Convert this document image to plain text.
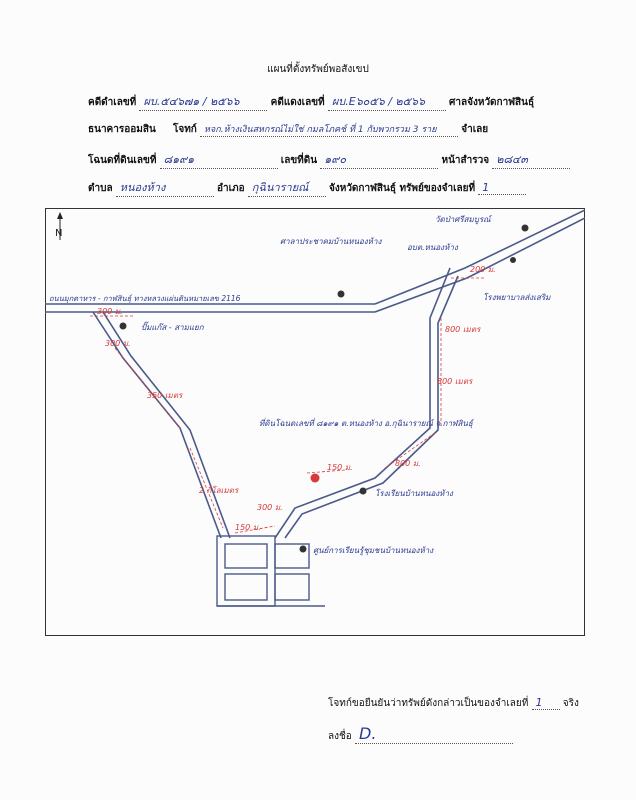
แผนที่ตั้งทรัพย์พอสังเขป
คดีดำเลขที่ ผบ.๕๔๖๗๑ / ๒๕๖๖	คดีแดงเลขที่ ผบ.E๖๐๕๖ / ๒๕๖๖ ศาลจังหวัดกาฬสินธุ์
ธนาคารออมสิน โจทก์ หจก.ห้างเงินสหกรณ์ไม่ใช่ กมลโภคช์ ที่ 1 กับพวกรวม 3 ราย จำเลย
โฉนดที่ดินเลขที่ ๘๑๙๑	เลขที่ดิน ๑๙๐	หน้าสำรวจ ๒๘๔๓
ตำบล หนองห้าง	อำเภอ กุฉินารายณ์ จังหวัดกาฬสินธุ์ ทรัพย์ของจำเลยที่ 1
N
ถนนมุกดาหาร - กาฬสินธุ์ ทางหลวงแผ่นดินหมายเลข 2116
ศาลาประชาคมบ้านหนองห้าง
วัดป่าศรีสมบูรณ์
อบต.หนองห้าง
โรงพยาบาลส่งเสริม
ปั๊มแก๊ส - สามแยก
ที่ดินโฉนดเลขที่ ๘๑๙๑ ต.หนองห้าง อ.กุฉินารายณ์ จ.กาฬสินธุ์
โรงเรียนบ้านหนองห้าง
ศูนย์การเรียนรู้ชุมชนบ้านหนองห้าง
300 ม.
300 ม.
350 เมตร
200 ม.
800 เมตร
800 เมตร
800 ม.
150 ม.
2 กิโลเมตร
300 ม.
150 ม.
โจทก์ขอยืนยันว่าทรัพย์ดังกล่าวเป็นของจำเลยที่ 1 จริง
ลงชื่อ D.
